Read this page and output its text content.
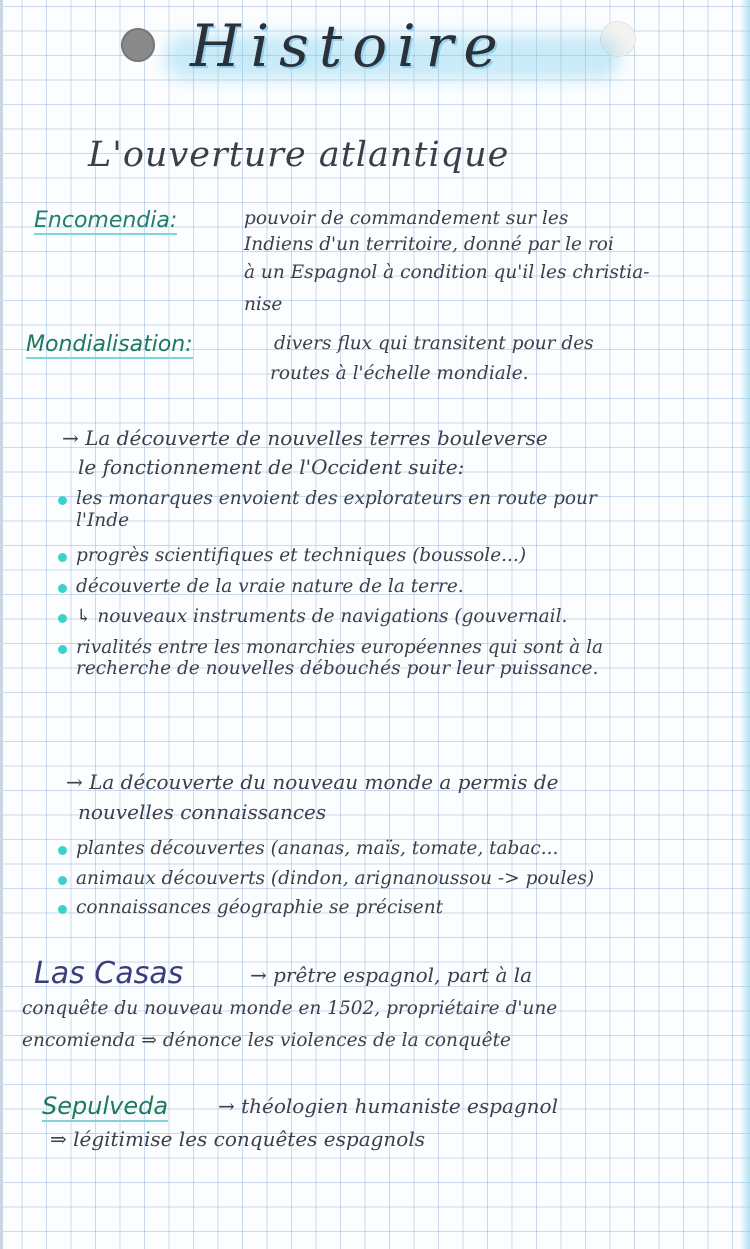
Histoire
L'ouverture atlantique

Encomendia:	pouvoir de commandement sur les

Indiens d'un territoire, donné par le roi

à un Espagnol à condition qu'il les christia-

nise

Mondialisation:	divers flux qui transitent pour des

routes à l'échelle mondiale.

→ La découverte de nouvelles terres bouleverse

le fonctionnement de l'Occident suite:

les monarques envoient des explorateurs en route pour l'Inde
progrès scientifiques et techniques (boussole...)
découverte de la vraie nature de la terre.
↳ nouveaux instruments de navigations (gouvernail.
rivalités entre les monarchies européennes qui sont à la recherche de nouvelles débouchés pour leur puissance.

→ La découverte du nouveau monde a permis de

nouvelles connaissances

plantes découvertes (ananas, maïs, tomate, tabac...
animaux découverts (dindon, arignanoussou -> poules)
connaissances géographie se précisent

Las Casas	→ prêtre espagnol, part à la

conquête du nouveau monde en 1502, propriétaire d'une

encomienda ⇒ dénonce les violences de la conquête

Sepulveda → théologien humaniste espagnol

⇒ légitimise les conquêtes espagnols
